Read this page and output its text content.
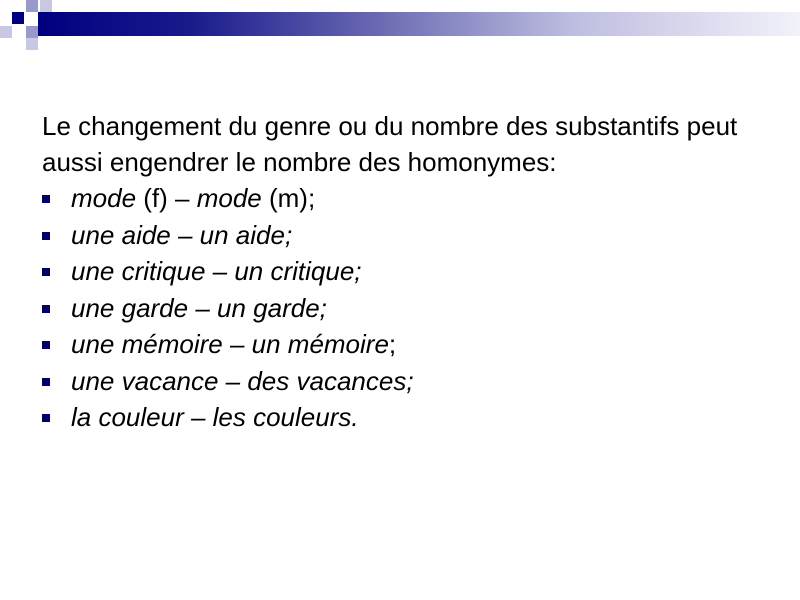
Le changement du genre ou du nombre des substantifs peut aussi engendrer le nombre des homonymes:

mode (f) – mode (m);
une aide – un aide;
une critique – un critique;
une garde – un garde;
une mémoire – un mémoire;
une vacance – des vacances;
la couleur – les couleurs.
